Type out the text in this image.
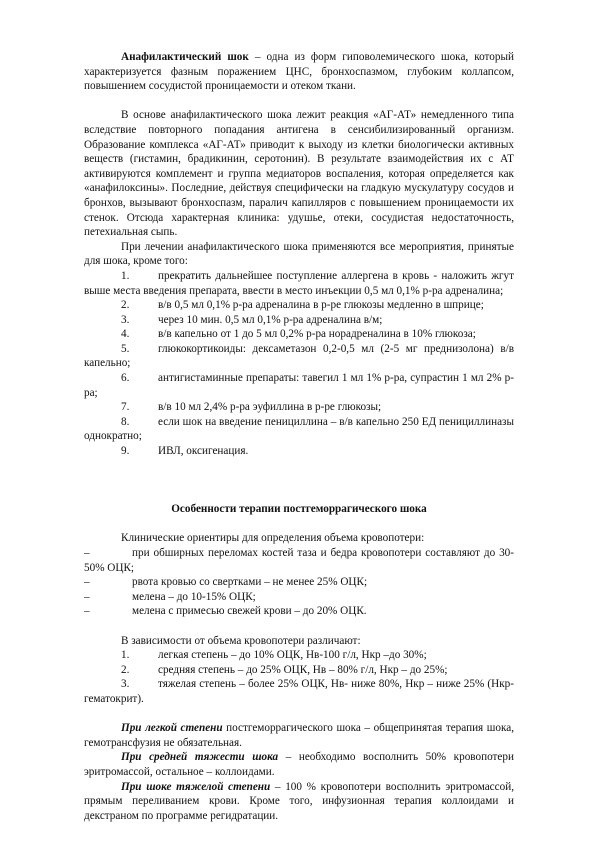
Анафилактический шок – одна из форм гиповолемического шока, который характеризуется фазным поражением ЦНС, бронхоспазмом, глубоким коллапсом, повышением сосудистой проницаемости и отеком ткани.

В основе анафилактического шока лежит реакция «АГ-АТ» немедленного типа вследствие повторного попадания антигена в сенсибилизированный организм. Образование комплекса «АГ-АТ» приводит к выходу из клетки биологически активных веществ (гистамин, брадикинин, серотонин). В результате взаимодействия их с АТ активируются комплемент и группа медиаторов воспаления, которая определяется как «анафилоксины». Последние, действуя специфически на гладкую мускулатуру сосудов и бронхов, вызывают бронхоспазм, паралич капилляров с повышением проницаемости их стенок. Отсюда характерная клиника: удушье, отеки, сосудистая недостаточность, петехиальная сыпь.

При лечении анафилактического шока применяются все мероприятия, принятые для шока, кроме того:

1.	прекратить дальнейшее поступление аллергена в кровь - наложить жгут выше места введения препарата, ввести в место инъекции 0,5 мл 0,1% р-ра адреналина;
2.	в/в 0,5 мл 0,1% р-ра адреналина в р-ре глюкозы медленно в шприце;
3.	через 10 мин. 0,5 мл 0,1% р-ра адреналина в/м;
4.	в/в капельно от 1 до 5 мл 0,2% р-ра норадреналина в 10% глюкоза;
5.	глюкокортикоиды: дексаметазон 0,2-0,5 мл (2-5 мг преднизолона) в/в капельно;
6.	антигистаминные препараты: тавегил 1 мл 1% р-ра, супрастин 1 мл 2% р-ра;
7.	в/в 10 мл 2,4% р-ра эуфиллина в р-ре глюкозы;
8.	если шок на введение пенициллина – в/в капельно 250 ЕД пенициллиназы однократно;
9.	ИВЛ, оксигенация.

Особенности терапии постгеморрагического шока

Клинические ориентиры для определения объема кровопотери:

–	при обширных переломах костей таза и бедра кровопотери составляют до 30-50% ОЦК;
–	рвота кровью со свертками – не менее 25% ОЦК;
–	мелена – до 10-15% ОЦК;
–	мелена с примесью свежей крови – до 20% ОЦК.

В зависимости от объема кровопотери различают:

1.	легкая степень – до 10% ОЦК, Нв-100 г/л, Нкр –до 30%;
2.	средняя степень – до 25% ОЦК, Нв – 80% г/л, Нкр – до 25%;
3.	тяжелая степень – более 25% ОЦК, Нв- ниже 80%, Нкр – ниже 25% (Нкр-гематокрит).

При легкой степени постгеморрагического шока – общепринятая терапия шока, гемотрансфузия не обязательная.

При средней тяжести шока – необходимо восполнить 50% кровопотери эритромассой, остальное – коллоидами.

При шоке тяжелой степени – 100 % кровопотери восполнить эритромассой, прямым переливанием крови. Кроме того, инфузионная терапия коллоидами и декстраном по программе регидратации.
